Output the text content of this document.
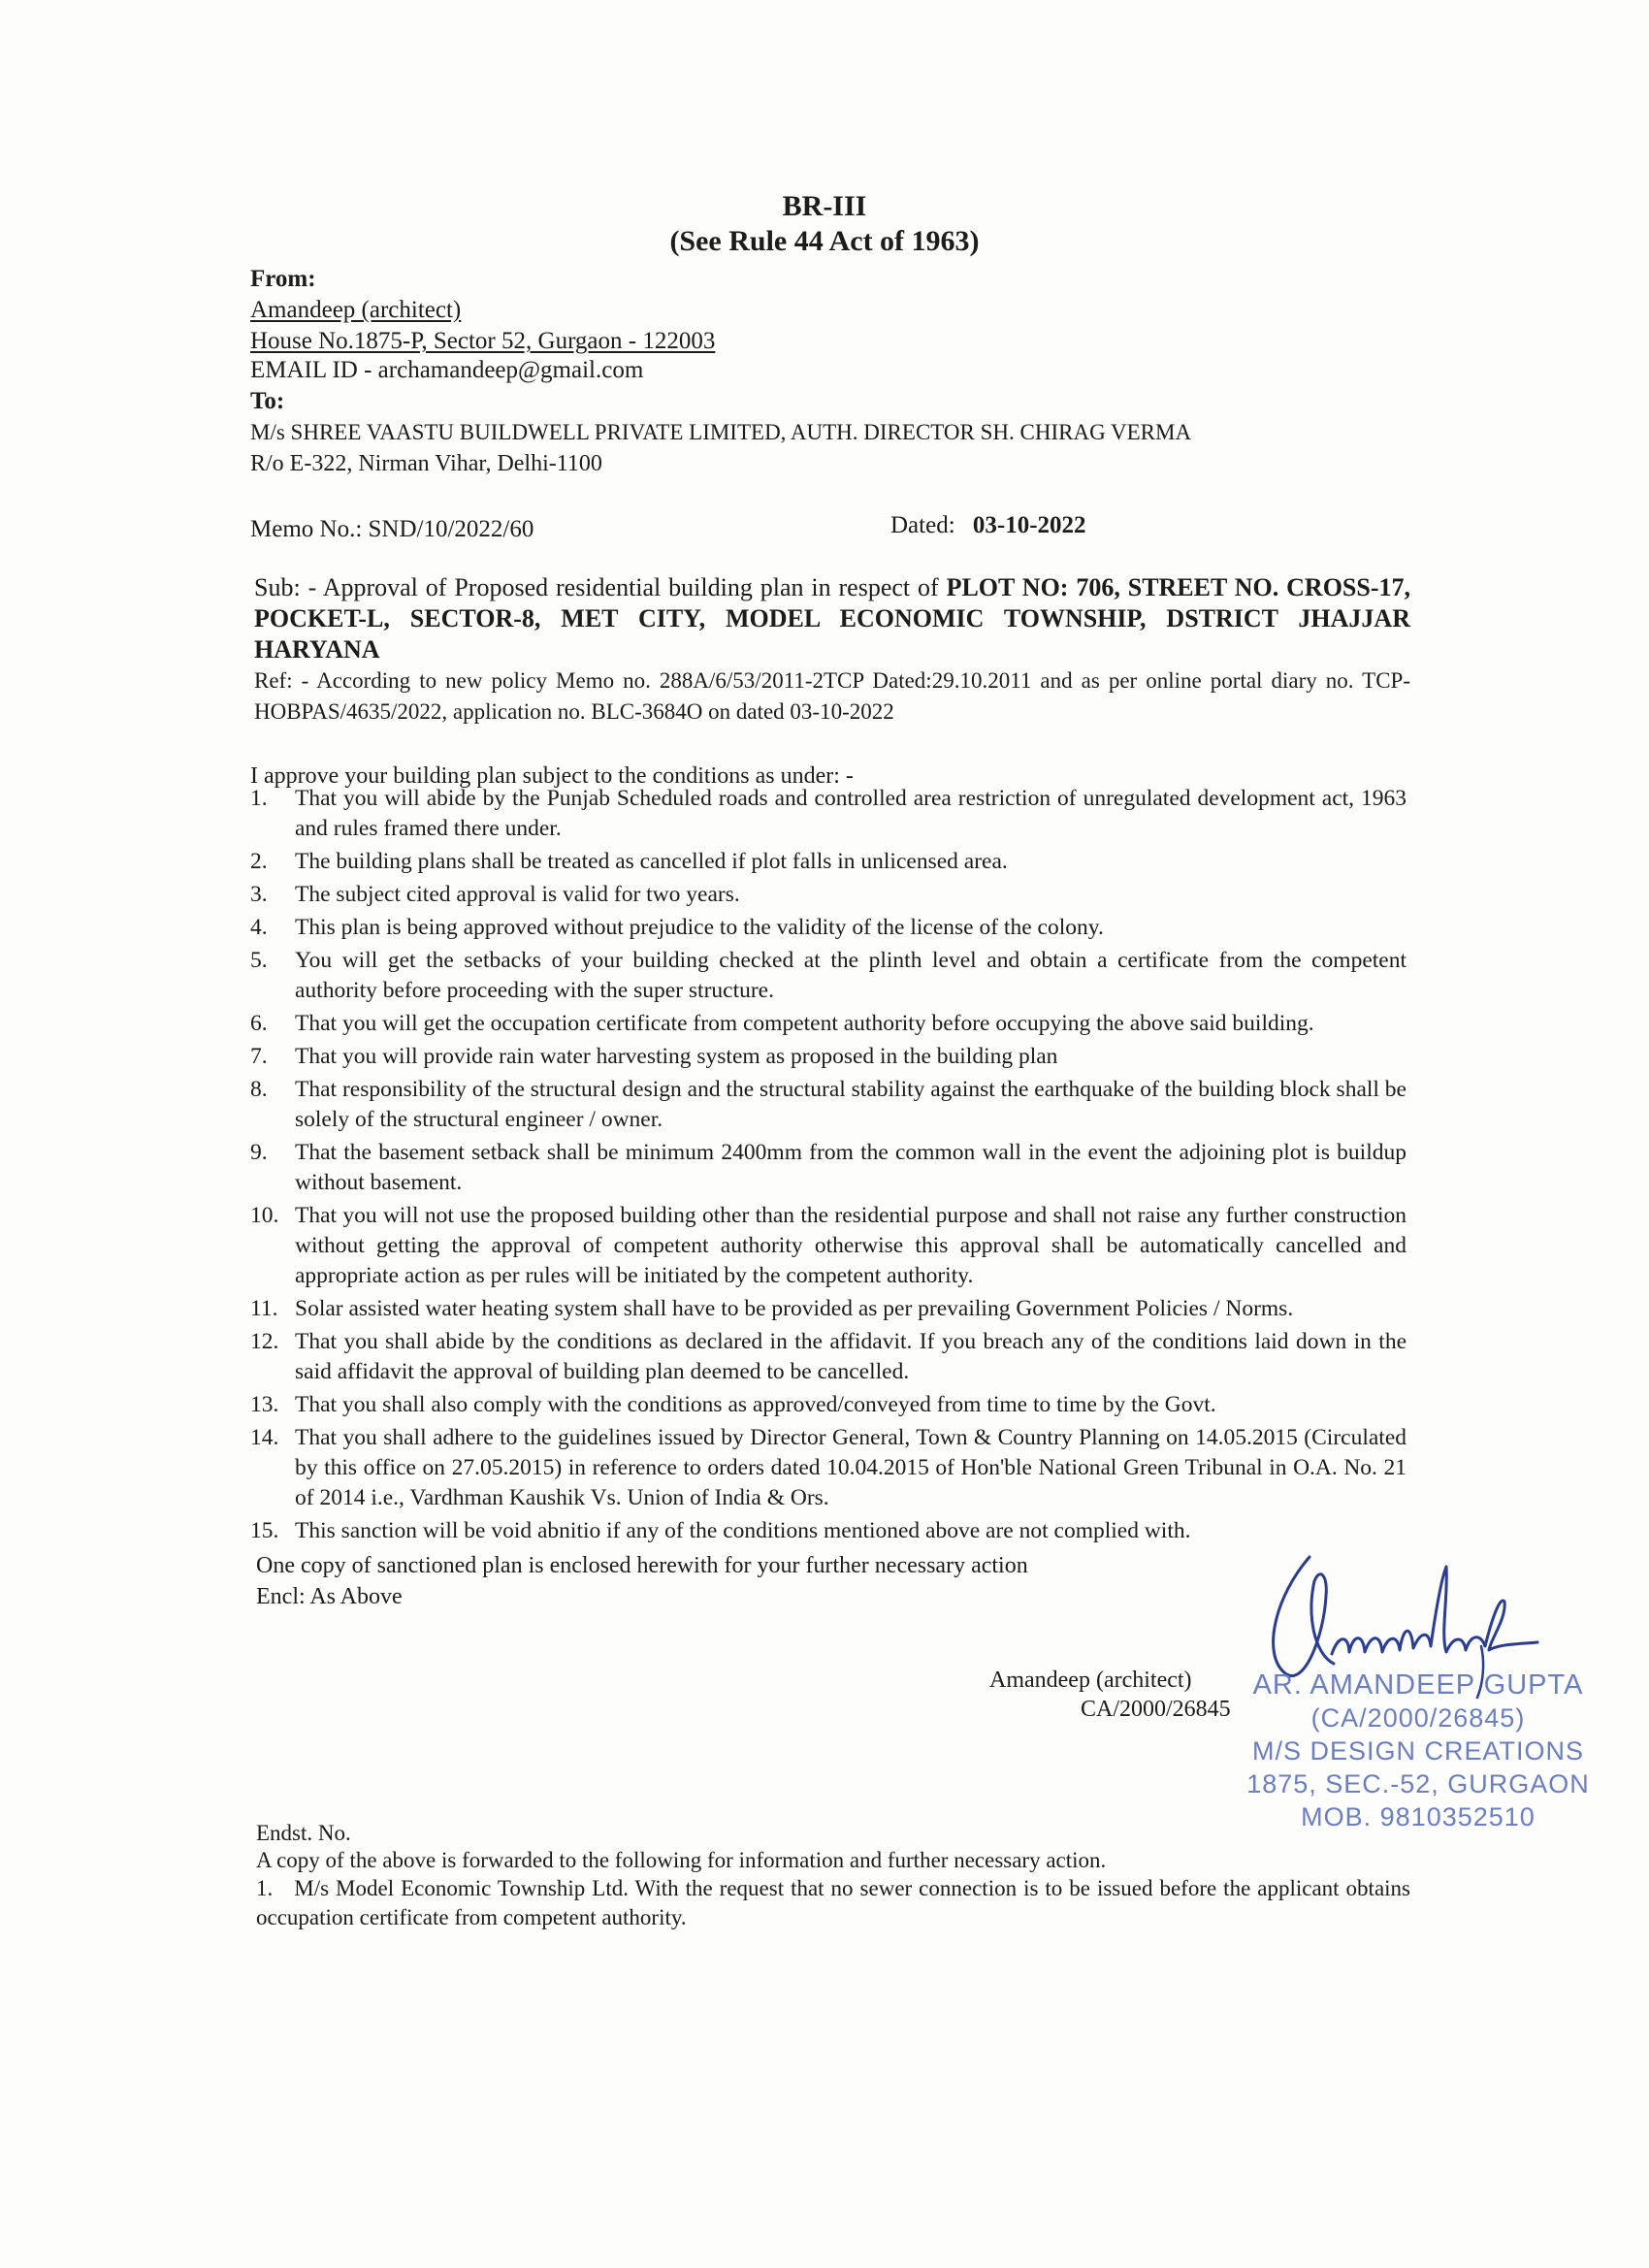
BR-III
(See Rule 44 Act of 1963)
From:
Amandeep (architect)
House No.1875-P, Sector 52, Gurgaon - 122003
EMAIL ID - archamandeep@gmail.com
To:
M/s SHREE VAASTU BUILDWELL PRIVATE LIMITED, AUTH. DIRECTOR SH. CHIRAG VERMA
R/o E-322, Nirman Vihar, Delhi-1100
Memo No.: SND/10/2022/60	Dated: 03-10-2022
Sub: - Approval of Proposed residential building plan in respect of PLOT NO: 706, STREET NO. CROSS-17, POCKET-L, SECTOR-8, MET CITY, MODEL ECONOMIC TOWNSHIP, DSTRICT JHAJJAR HARYANA
Ref: - According to new policy Memo no. 288A/6/53/2011-2TCP Dated:29.10.2011 and as per online portal diary no. TCP-HOBPAS/4635/2022, application no. BLC-3684O on dated 03-10-2022
I approve your building plan subject to the conditions as under: -
1. That you will abide by the Punjab Scheduled roads and controlled area restriction of unregulated development act, 1963 and rules framed there under.
2. The building plans shall be treated as cancelled if plot falls in unlicensed area.
3. The subject cited approval is valid for two years.
4. This plan is being approved without prejudice to the validity of the license of the colony.
5. You will get the setbacks of your building checked at the plinth level and obtain a certificate from the competent authority before proceeding with the super structure.
6. That you will get the occupation certificate from competent authority before occupying the above said building.
7. That you will provide rain water harvesting system as proposed in the building plan
8. That responsibility of the structural design and the structural stability against the earthquake of the building block shall be solely of the structural engineer / owner.
9. That the basement setback shall be minimum 2400mm from the common wall in the event the adjoining plot is buildup without basement.
10. That you will not use the proposed building other than the residential purpose and shall not raise any further construction without getting the approval of competent authority otherwise this approval shall be automatically cancelled and appropriate action as per rules will be initiated by the competent authority.
11. Solar assisted water heating system shall have to be provided as per prevailing Government Policies / Norms.
12. That you shall abide by the conditions as declared in the affidavit. If you breach any of the conditions laid down in the said affidavit the approval of building plan deemed to be cancelled.
13. That you shall also comply with the conditions as approved/conveyed from time to time by the Govt.
14. That you shall adhere to the guidelines issued by Director General, Town & Country Planning on 14.05.2015 (Circulated by this office on 27.05.2015) in reference to orders dated 10.04.2015 of Hon'ble National Green Tribunal in O.A. No. 21 of 2014 i.e., Vardhman Kaushik Vs. Union of India & Ors.
15. This sanction will be void abnitio if any of the conditions mentioned above are not complied with.
One copy of sanctioned plan is enclosed herewith for your further necessary action
Encl: As Above
Amandeep (architect)
CA/2000/26845
AR. AMANDEEP GUPTA
(CA/2000/26845)
M/S DESIGN CREATIONS
1875, SEC.-52, GURGAON
MOB. 9810352510
Endst. No.
A copy of the above is forwarded to the following for information and further necessary action.
1. M/s Model Economic Township Ltd. With the request that no sewer connection is to be issued before the applicant obtains occupation certificate from competent authority.
